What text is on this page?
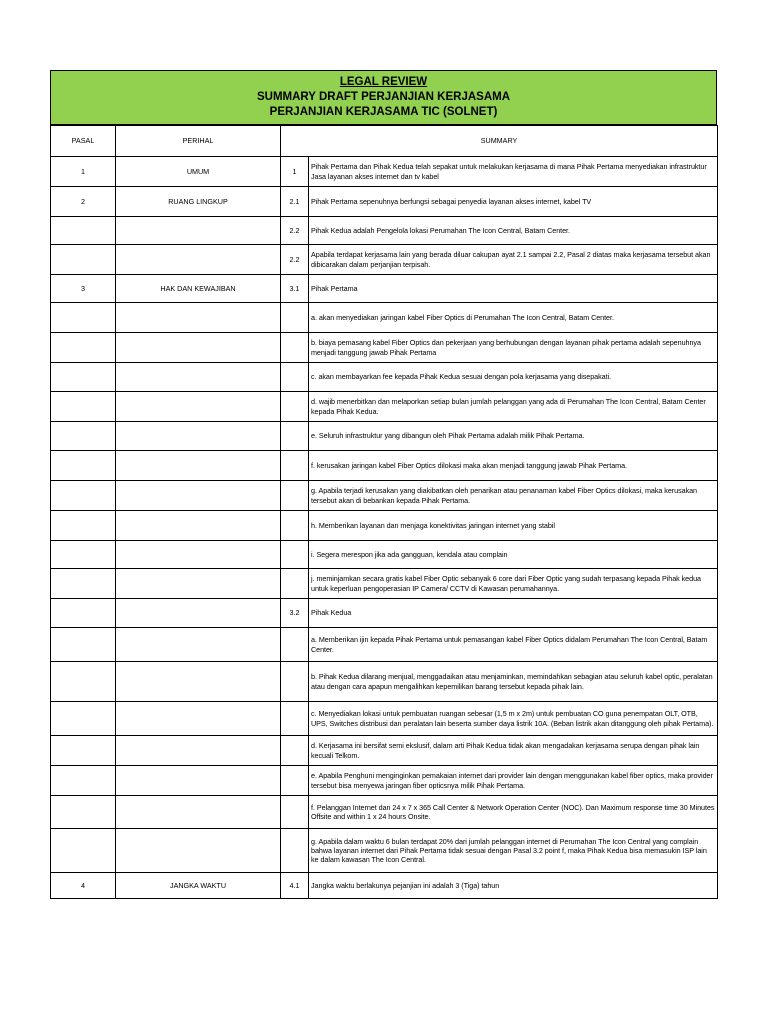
LEGAL REVIEW
SUMMARY DRAFT PERJANJIAN KERJASAMA
PERJANJIAN KERJASAMA TIC (SOLNET)
PASAL	PERIHAL	SUMMARY	
1	UMUM	1	Pihak Pertama dan Pihak Kedua telah sepakat untuk melakukan kerjasama di mana Pihak Pertama menyediakan infrastruktur Jasa layanan akses internet dan tv kabel
2	RUANG LINGKUP	2.1	Pihak Pertama sepenuhnya berfungsi sebagai penyedia layanan akses internet, kabel TV
		2.2	Pihak Kedua adalah Pengelola lokasi Perumahan The Icon Central, Batam Center.
		2.2	Apabila terdapat kerjasama lain yang berada diluar cakupan ayat 2.1 sampai 2.2, Pasal 2 diatas maka kerjasama tersebut akan dibicarakan dalam perjanjian terpisah.
3	HAK DAN KEWAJIBAN	3.1	Pihak Pertama
			a. akan menyediakan jaringan kabel Fiber Optics di Perumahan The Icon Central, Batam Center.
			b. biaya pemasang kabel Fiber Optics dan pekerjaan yang berhubungan dengan layanan pihak pertama adalah sepenuhnya menjadi tanggung jawab Pihak Pertama
			c. akan membayarkan fee kepada Pihak Kedua sesuai dengan pola kerjasama yang disepakati.
			d. wajib menerbitkan dan melaporkan setiap bulan jumlah pelanggan yang ada di Perumahan The Icon Central, Batam Center kepada Pihak Kedua.
			e. Seluruh infrastruktur yang dibangun oleh Pihak Pertama adalah milik Pihak Pertama.
			f. kerusakan jaringan kabel Fiber Optics dilokasi maka akan menjadi tanggung jawab Pihak Pertama.
			g. Apabila terjadi kerusakan yang diakibatkan oleh penarikan atau penanaman kabel Fiber Optics dilokasi, maka kerusakan tersebut akan di bebankan kepada Pihak Pertama.
			h. Memberikan layanan dan menjaga konektivitas jaringan internet yang stabil
			i. Segera merespon jika ada gangguan, kendala atau complain
			j. meminjamkan secara gratis kabel Fiber Optic sebanyak 6 core dari Fiber Optic yang sudah terpasang kepada Pihak kedua untuk keperluan pengoperasian IP Camera/ CCTV di Kawasan perumahannya.
		3.2	Pihak Kedua
			a. Memberikan ijin kepada Pihak Pertama untuk pemasangan kabel Fiber Optics didalam Perumahan The Icon Central, Batam Center.
			b. Pihak Kedua dilarang menjual, menggadaikan atau menjaminkan, memindahkan sebagian atau seluruh kabel optic, peralatan atau dengan cara apapun mengalihkan kepemilikan barang tersebut kepada pihak lain.
			c. Menyediakan lokasi untuk pembuatan ruangan sebesar (1,5 m x 2m) untuk pembuatan CO guna penempatan OLT, OTB, UPS, Switches distribusi dan peralatan lain beserta sumber daya listrik 10A. (Beban listrik akan ditanggung oleh pihak Pertama).
			d. Kerjasama ini bersifat semi ekslusif, dalam arti Pihak Kedua tidak akan mengadakan kerjasama serupa dengan pihak lain kecuali Telkom.
			e. Apabila Penghuni menginginkan pemakaian internet dari provider lain dengan menggunakan kabel fiber optics, maka provider tersebut bisa menyewa jaringan fiber opticsnya milik Pihak Pertama.
			f. Pelanggan Internet dan 24 x 7 x 365 Call Center & Network Operation Center (NOC). Dan Maximum response time 30 Minutes Offsite and within 1 x 24 hours Onsite.
			g. Apabila dalam waktu 6 bulan terdapat 20% dari jumlah pelanggan internet di Perumahan The Icon Central yang complain bahwa layanan internet dari Pihak Pertama tidak sesuai dengan Pasal 3.2 point f, maka Pihak Kedua bisa memasukin ISP lain ke dalam kawasan The Icon Central.
4	JANGKA WAKTU	4.1	Jangka waktu berlakunya pejanjian ini adalah 3 (Tiga) tahun
